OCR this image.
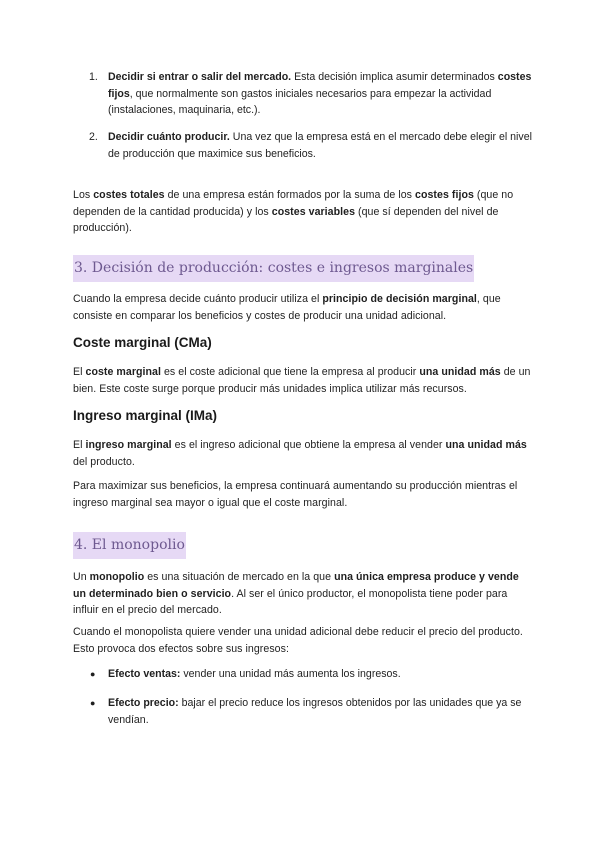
1. Decidir si entrar o salir del mercado. Esta decisión implica asumir determinados costes fijos, que normalmente son gastos iniciales necesarios para empezar la actividad (instalaciones, maquinaria, etc.).

2. Decidir cuánto producir. Una vez que la empresa está en el mercado debe elegir el nivel de producción que maximice sus beneficios.

Los costes totales de una empresa están formados por la suma de los costes fijos (que no dependen de la cantidad producida) y los costes variables (que sí dependen del nivel de producción).

3. Decisión de producción: costes e ingresos marginales

Cuando la empresa decide cuánto producir utiliza el principio de decisión marginal, que consiste en comparar los beneficios y costes de producir una unidad adicional.

Coste marginal (CMa)

El coste marginal es el coste adicional que tiene la empresa al producir una unidad más de un bien. Este coste surge porque producir más unidades implica utilizar más recursos.

Ingreso marginal (IMa)

El ingreso marginal es el ingreso adicional que obtiene la empresa al vender una unidad más del producto.

Para maximizar sus beneficios, la empresa continuará aumentando su producción mientras el ingreso marginal sea mayor o igual que el coste marginal.

4. El monopolio

Un monopolio es una situación de mercado en la que una única empresa produce y vende un determinado bien o servicio. Al ser el único productor, el monopolista tiene poder para influir en el precio del mercado.

Cuando el monopolista quiere vender una unidad adicional debe reducir el precio del producto. Esto provoca dos efectos sobre sus ingresos:

● Efecto ventas: vender una unidad más aumenta los ingresos.

● Efecto precio: bajar el precio reduce los ingresos obtenidos por las unidades que ya se vendían.
